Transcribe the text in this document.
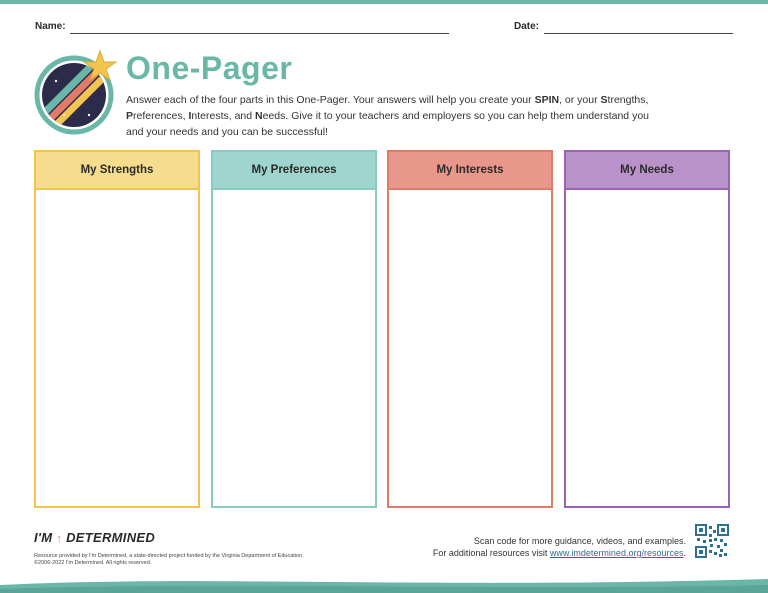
Name:	Date:
One-Pager
Answer each of the four parts in this One-Pager. Your answers will help you create your SPIN, or your Strengths,
Preferences, Interests, and Needs. Give it to your teachers and employers so you can help them understand you and your needs and you can be successful!
My Strengths	My Preferences	My Interests	My Needs
I'M ↑ DETERMINED
Resource provided by I'm Determined, a state-directed project funded by the Virginia Department of Education.
©2006-2022 I'm Determined. All rights reserved.
Scan code for more guidance, videos, and examples.
For additional resources visit www.imdetermined.org/resources.
